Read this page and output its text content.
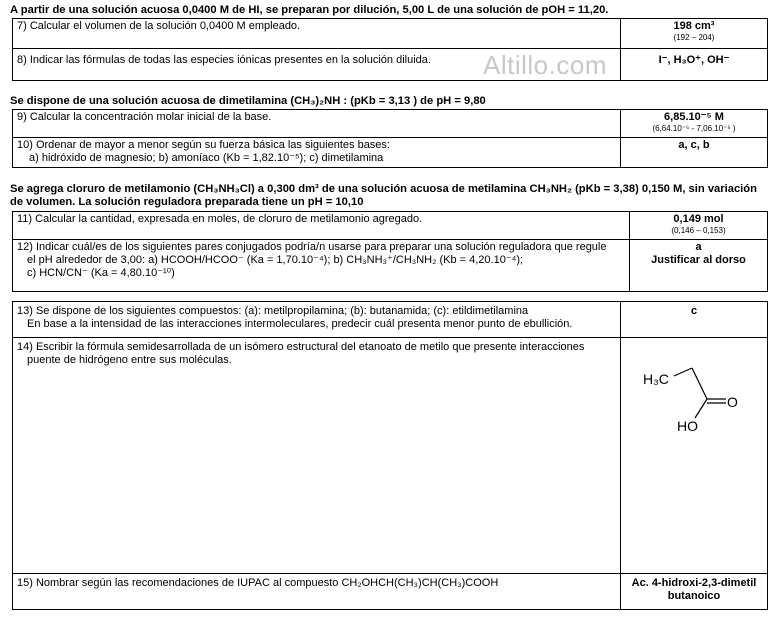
A partir de una solución acuosa 0,0400 M de HI, se preparan por dilución, 5,00 L de una solución de pOH = 11,20.
7) Calcular el volumen de la solución 0,0400 M empleado.	198 cm³
(192 – 204)

8) Indicar las fórmulas de todas las especies iónicas presentes en la solución diluida.	I⁻, H₃O⁺, OH⁻
Altillo.com
Se dispone de una solución acuosa de dimetilamina (CH₃)₂NH : (pKb = 3,13 ) de pH = 9,80
9) Calcular la concentración molar inicial de la base.	6,85.10⁻⁵ M
(6,64.10⁻⁵ - 7,06.10⁻⁵ )

10) Ordenar de mayor a menor según su fuerza básica las siguientes bases:
a) hidróxido de magnesio; b) amoníaco (Kb = 1,82.10⁻⁵); c) dimetilamina	a, c, b
Se agrega cloruro de metilamonio (CH₃NH₃Cl) a 0,300 dm³ de una solución acuosa de metilamina CH₃NH₂ (pKb = 3,38) 0,150 M, sin variación
de volumen. La solución reguladora preparada tiene un pH = 10,10
11) Calcular la cantidad, expresada en moles, de cloruro de metilamonio agregado.	0,149 mol
(0,146 – 0,153)

12) Indicar cuál/es de los siguientes pares conjugados podría/n usarse para preparar una solución reguladora que regule
el pH alrededor de 3,00: a) HCOOH/HCOO⁻ (Ka = 1,70.10⁻⁴); b) CH₃NH₃⁺/CH₃NH₂ (Kb = 4,20.10⁻⁴);
c) HCN/CN⁻ (Ka = 4,80.10⁻¹⁰)	a
Justificar al dorso
13) Se dispone de los siguientes compuestos: (a): metilpropilamina; (b): butanamida; (c): etildimetilamina
En base a la intensidad de las interacciones intermoleculares, predecir cuál presenta menor punto de ebullición.	c
14) Escribir la fórmula semidesarrollada de un isómero estructural del etanoato de metilo que presente interacciones
puente de hidrógeno entre sus moléculas.	

15) Nombrar según las recomendaciones de IUPAC al compuesto CH₂OHCH(CH₃)CH(CH₃)COOH	Ac. 4-hidroxi-2,3-dimetil
butanoico
H₃C
O
HO
